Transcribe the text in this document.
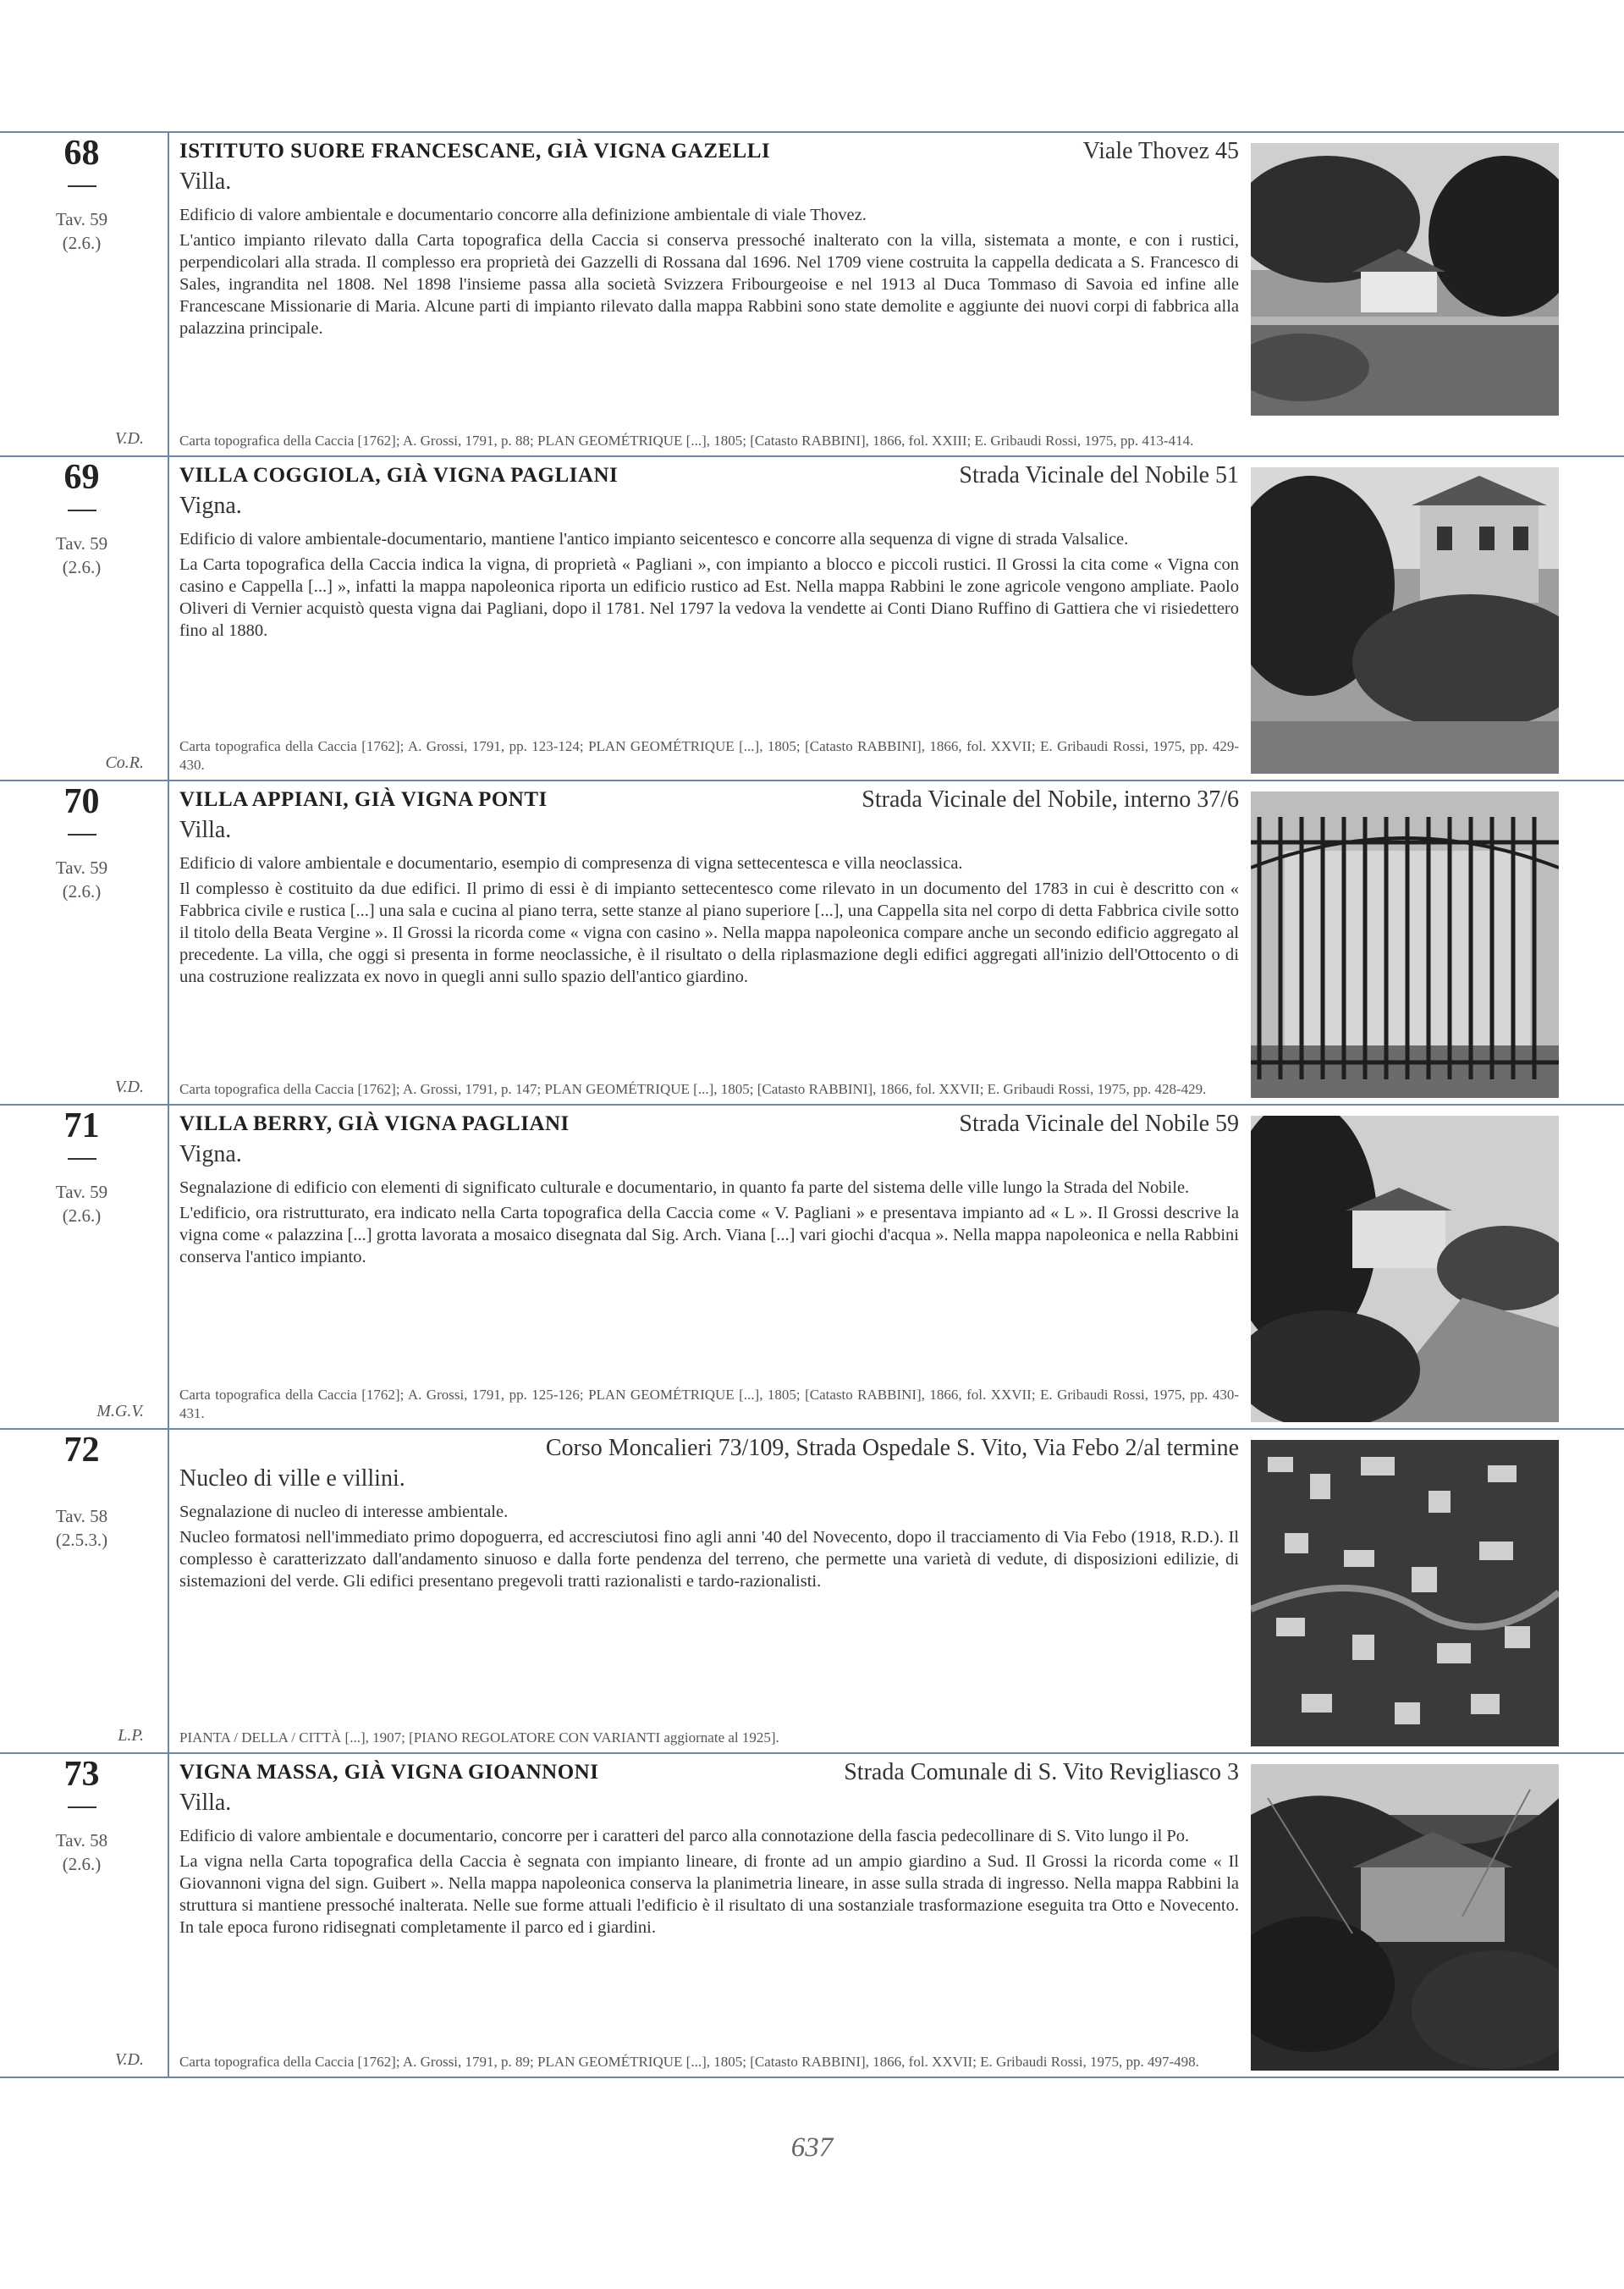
68
Tav. 59
(2.6.)
V.D.
ISTITUTO SUORE FRANCESCANE, GIÀ VIGNA GAZELLI	Viale Thovez 45
Villa.

Edificio di valore ambientale e documentario concorre alla definizione ambientale di viale Thovez.

L'antico impianto rilevato dalla Carta topografica della Caccia si conserva pressoché inalterato con la villa, sistemata a monte, e con i rustici, perpendicolari alla strada. Il complesso era proprietà dei Gazzelli di Rossana dal 1696. Nel 1709 viene costruita la cappella dedicata a S. Francesco di Sales, ingrandita nel 1808. Nel 1898 l'insieme passa alla società Svizzera Fribourgeoise e nel 1913 al Duca Tommaso di Savoia ed infine alle Francescane Missionarie di Maria. Alcune parti di impianto rilevato dalla mappa Rabbini sono state demolite e aggiunte dei nuovi corpi di fabbrica alla palazzina principale.

Carta topografica della Caccia [1762]; A. Grossi, 1791, p. 88; PLAN GEOMÉTRIQUE [...], 1805; [Catasto RABBINI], 1866, fol. XXIII; E. Gribaudi Rossi, 1975, pp. 413-414.
69
Tav. 59
(2.6.)
Co.R.
VILLA COGGIOLA, GIÀ VIGNA PAGLIANI	Strada Vicinale del Nobile 51
Vigna.

Edificio di valore ambientale-documentario, mantiene l'antico impianto seicentesco e concorre alla sequenza di vigne di strada Valsalice.

La Carta topografica della Caccia indica la vigna, di proprietà « Pagliani », con impianto a blocco e piccoli rustici. Il Grossi la cita come « Vigna con casino e Cappella [...] », infatti la mappa napoleonica riporta un edificio rustico ad Est. Nella mappa Rabbini le zone agricole vengono ampliate. Paolo Oliveri di Vernier acquistò questa vigna dai Pagliani, dopo il 1781. Nel 1797 la vedova la vendette ai Conti Diano Ruffino di Gattiera che vi risiedettero fino al 1880.

Carta topografica della Caccia [1762]; A. Grossi, 1791, pp. 123-124; PLAN GEOMÉTRIQUE [...], 1805; [Catasto RABBINI], 1866, fol. XXVII; E. Gribaudi Rossi, 1975, pp. 429-430.
70
Tav. 59
(2.6.)
V.D.
VILLA APPIANI, GIÀ VIGNA PONTI	Strada Vicinale del Nobile, interno 37/6
Villa.

Edificio di valore ambientale e documentario, esempio di compresenza di vigna settecentesca e villa neoclassica.

Il complesso è costituito da due edifici. Il primo di essi è di impianto settecentesco come rilevato in un documento del 1783 in cui è descritto con « Fabbrica civile e rustica [...] una sala e cucina al piano terra, sette stanze al piano superiore [...], una Cappella sita nel corpo di detta Fabbrica civile sotto il titolo della Beata Vergine ». Il Grossi la ricorda come « vigna con casino ». Nella mappa napoleonica compare anche un secondo edificio aggregato al precedente. La villa, che oggi si presenta in forme neoclassiche, è il risultato o della riplasmazione degli edifici aggregati all'inizio dell'Ottocento o di una costruzione realizzata ex novo in quegli anni sullo spazio dell'antico giardino.

Carta topografica della Caccia [1762]; A. Grossi, 1791, p. 147; PLAN GEOMÉTRIQUE [...], 1805; [Catasto RABBINI], 1866, fol. XXVII; E. Gribaudi Rossi, 1975, pp. 428-429.
71
Tav. 59
(2.6.)
M.G.V.
VILLA BERRY, GIÀ VIGNA PAGLIANI	Strada Vicinale del Nobile 59
Vigna.

Segnalazione di edificio con elementi di significato culturale e documentario, in quanto fa parte del sistema delle ville lungo la Strada del Nobile.

L'edificio, ora ristrutturato, era indicato nella Carta topografica della Caccia come « V. Pagliani » e presentava impianto ad « L ». Il Grossi descrive la vigna come « palazzina [...] grotta lavorata a mosaico disegnata dal Sig. Arch. Viana [...] vari giochi d'acqua ». Nella mappa napoleonica e nella Rabbini conserva l'antico impianto.

Carta topografica della Caccia [1762]; A. Grossi, 1791, pp. 125-126; PLAN GEOMÉTRIQUE [...], 1805; [Catasto RABBINI], 1866, fol. XXVII; E. Gribaudi Rossi, 1975, pp. 430-431.
72
Tav. 58
(2.5.3.)
L.P.
Corso Moncalieri 73/109, Strada Ospedale S. Vito, Via Febo 2/al termine
Nucleo di ville e villini.

Segnalazione di nucleo di interesse ambientale.

Nucleo formatosi nell'immediato primo dopoguerra, ed accresciutosi fino agli anni '40 del Novecento, dopo il tracciamento di Via Febo (1918, R.D.). Il complesso è caratterizzato dall'andamento sinuoso e dalla forte pendenza del terreno, che permette una varietà di vedute, di disposizioni edilizie, di sistemazioni del verde. Gli edifici presentano pregevoli tratti razionalisti e tardo-razionalisti.

PIANTA / DELLA / CITTÀ [...], 1907; [PIANO REGOLATORE CON VARIANTI aggiornate al 1925].
73
Tav. 58
(2.6.)
V.D.
VIGNA MASSA, GIÀ VIGNA GIOANNONI	Strada Comunale di S. Vito Revigliasco 3
Villa.

Edificio di valore ambientale e documentario, concorre per i caratteri del parco alla connotazione della fascia pedecollinare di S. Vito lungo il Po.

La vigna nella Carta topografica della Caccia è segnata con impianto lineare, di fronte ad un ampio giardino a Sud. Il Grossi la ricorda come « Il Giovannoni vigna del sign. Guibert ». Nella mappa napoleonica conserva la planimetria lineare, in asse sulla strada di ingresso. Nella mappa Rabbini la struttura si mantiene pressoché inalterata. Nelle sue forme attuali l'edificio è il risultato di una sostanziale trasformazione eseguita tra Otto e Novecento. In tale epoca furono ridisegnati completamente il parco ed i giardini.

Carta topografica della Caccia [1762]; A. Grossi, 1791, p. 89; PLAN GEOMÉTRIQUE [...], 1805; [Catasto RABBINI], 1866, fol. XXVII; E. Gribaudi Rossi, 1975, pp. 497-498.
637
